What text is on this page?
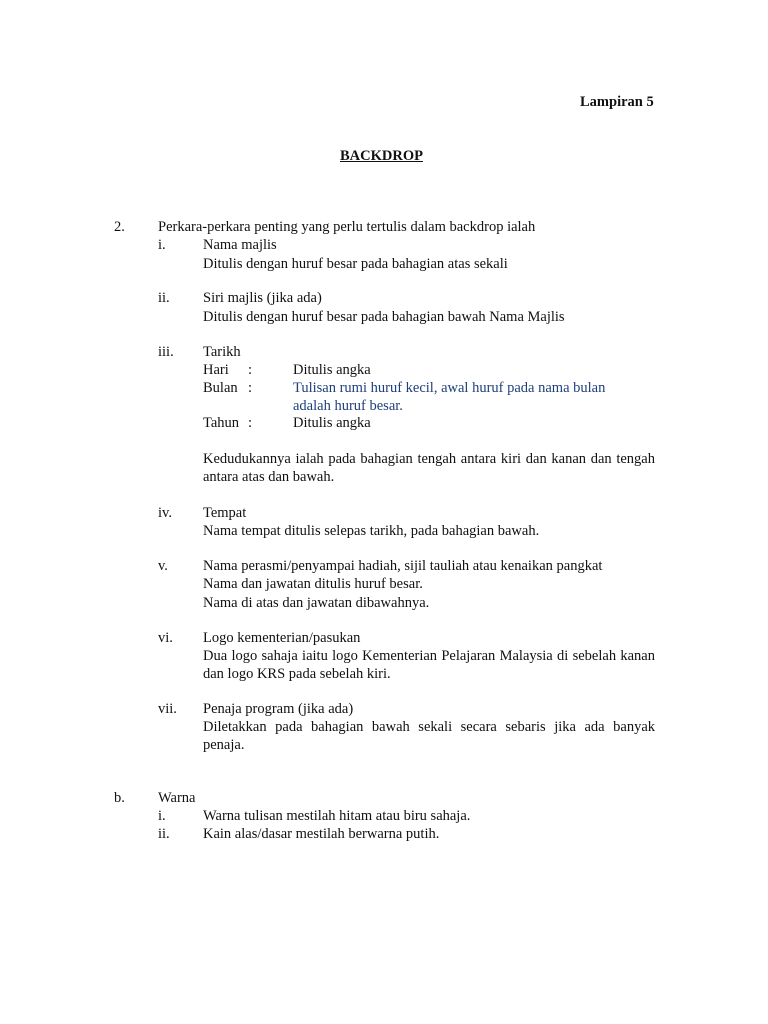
Lampiran 5
BACKDROP
2. Perkara-perkara penting yang perlu tertulis dalam backdrop ialah
i.	Nama majlis
Ditulis dengan huruf besar pada bahagian atas sekali
ii. Siri majlis (jika ada)
Ditulis dengan huruf besar pada bahagian bawah Nama Majlis
iii. Tarikh
Hari :	Ditulis angka
Bulan :	Tulisan rumi huruf kecil, awal huruf pada nama bulan
adalah huruf besar.
Tahun :	Ditulis angka
Kedudukannya ialah pada bahagian tengah antara kiri dan kanan dan tengah antara atas dan bawah.
iv. Tempat
Nama tempat ditulis selepas tarikh, pada bahagian bawah.
v. Nama perasmi/penyampai hadiah, sijil tauliah atau kenaikan pangkat
Nama dan jawatan ditulis huruf besar.
Nama di atas dan jawatan dibawahnya.
vi. Logo kementerian/pasukan
Dua logo sahaja iaitu logo Kementerian Pelajaran Malaysia di sebelah kanan dan logo KRS pada sebelah kiri.
vii. Penaja program (jika ada)
Diletakkan pada bahagian bawah sekali secara sebaris jika ada banyak penaja.
b. Warna
i.	Warna tulisan mestilah hitam atau biru sahaja.
ii. Kain alas/dasar mestilah berwarna putih.
